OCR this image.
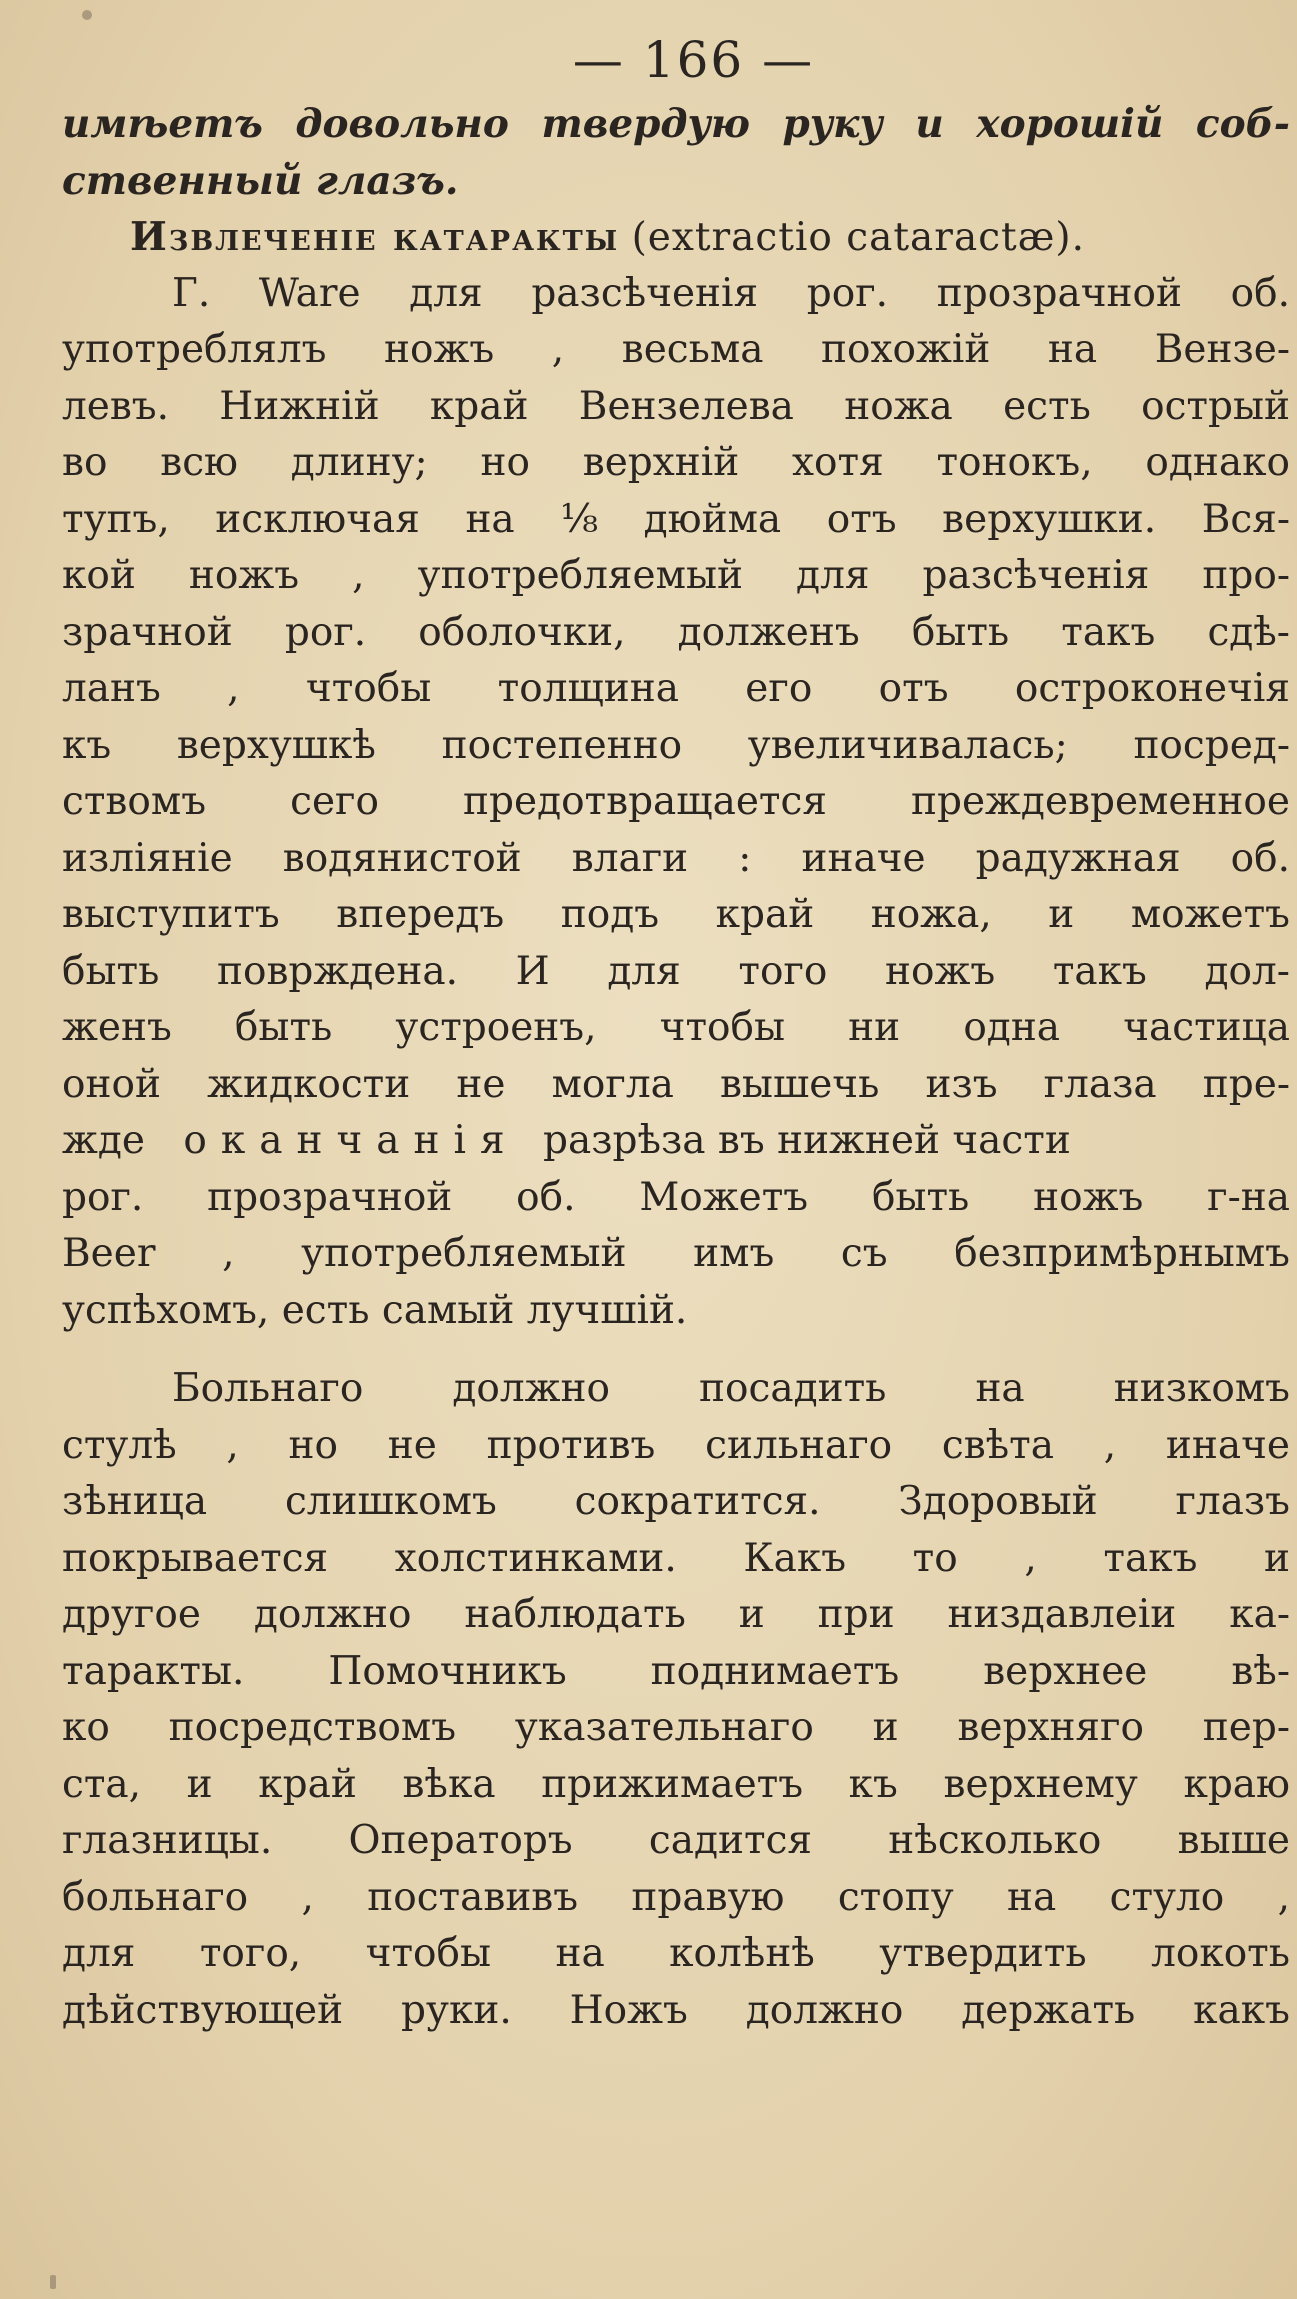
— 166 —
имѣетъ довольно твердую руку и хорошій соб-
ственный глазъ.
Извлеченіе катаракты (extractio cataractæ).
Г. Ware для разсѣченія рог. прозрачной об.
употреблялъ ножъ , весьма похожій на Вензе-
левъ. Нижній край Вензелева ножа есть острый
во всю длину; но верхній хотя тонокъ, однако
тупъ, исключая на ⅛ дюйма отъ верхушки. Вся-
кой ножъ , употребляемый для разсѣченія про-
зрачной рог. оболочки, долженъ быть такъ сдѣ-
ланъ , чтобы толщина его отъ остроконечія
къ верхушкѣ постепенно увеличивалась; посред-
ствомъ сего предотвращается преждевременное
изліяніе водянистой влаги : иначе радужная об.
выступитъ впередъ подъ край ножа, и можетъ
быть повржденa. И для того ножъ такъ дол-
женъ быть устроенъ, чтобы ни одна частица
оной жидкости не могла вышечь изъ глаза пре-
жде оканчанія разрѣза въ нижней части
рог. прозрачной об. Можетъ быть ножъ г-на
Beer , употребляемый имъ съ безпримѣрнымъ
успѣхомъ, есть самый лучшій.
Больнаго должно посадить на низкомъ
стулѣ , но не противъ сильнаго свѣта , иначе
зѣница слишкомъ сократится. Здоровый глазъ
покрывается холстинками. Какъ то , такъ и
другое должно наблюдать и при низдавлеіи ка-
таракты. Помочникъ поднимаетъ верхнее вѣ-
ко посредствомъ указательнаго и верхняго пер-
ста, и край вѣка прижимаетъ къ верхнему краю
глазницы. Операторъ садится нѣсколько выше
больнаго , поставивъ правую стопу на стуло ,
для того, чтобы на колѣнѣ утвердить локоть
дѣйствующей руки. Ножъ должно держать какъ
